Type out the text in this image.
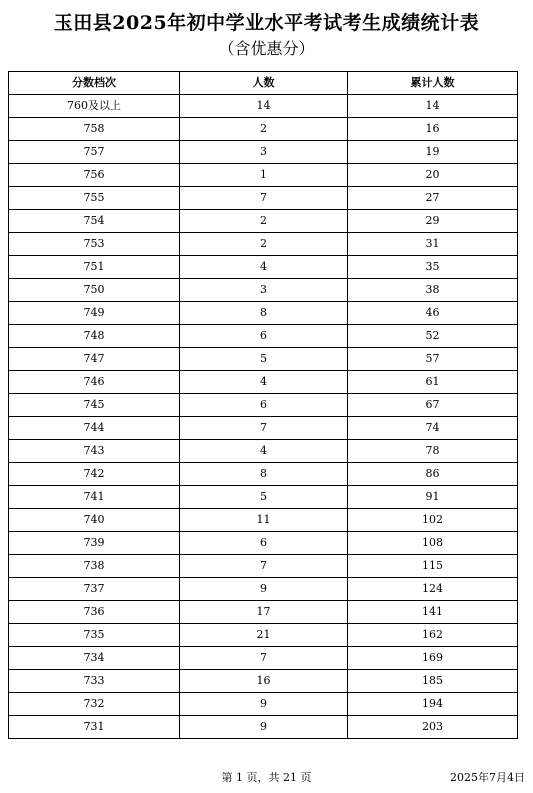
玉田县2025年初中学业水平考试考生成绩统计表
（含优惠分）
分数档次	人数	累计人数
760及以上	14	14
758	2	16
757	3	19
756	1	20
755	7	27
754	2	29
753	2	31
751	4	35
750	3	38
749	8	46
748	6	52
747	5	57
746	4	61
745	6	67
744	7	74
743	4	78
742	8	86
741	5	91
740	11	102
739	6	108
738	7	115
737	9	124
736	17	141
735	21	162
734	7	169
733	16	185
732	9	194
731	9	203
第 1 页，共 21 页	2025年7月4日
